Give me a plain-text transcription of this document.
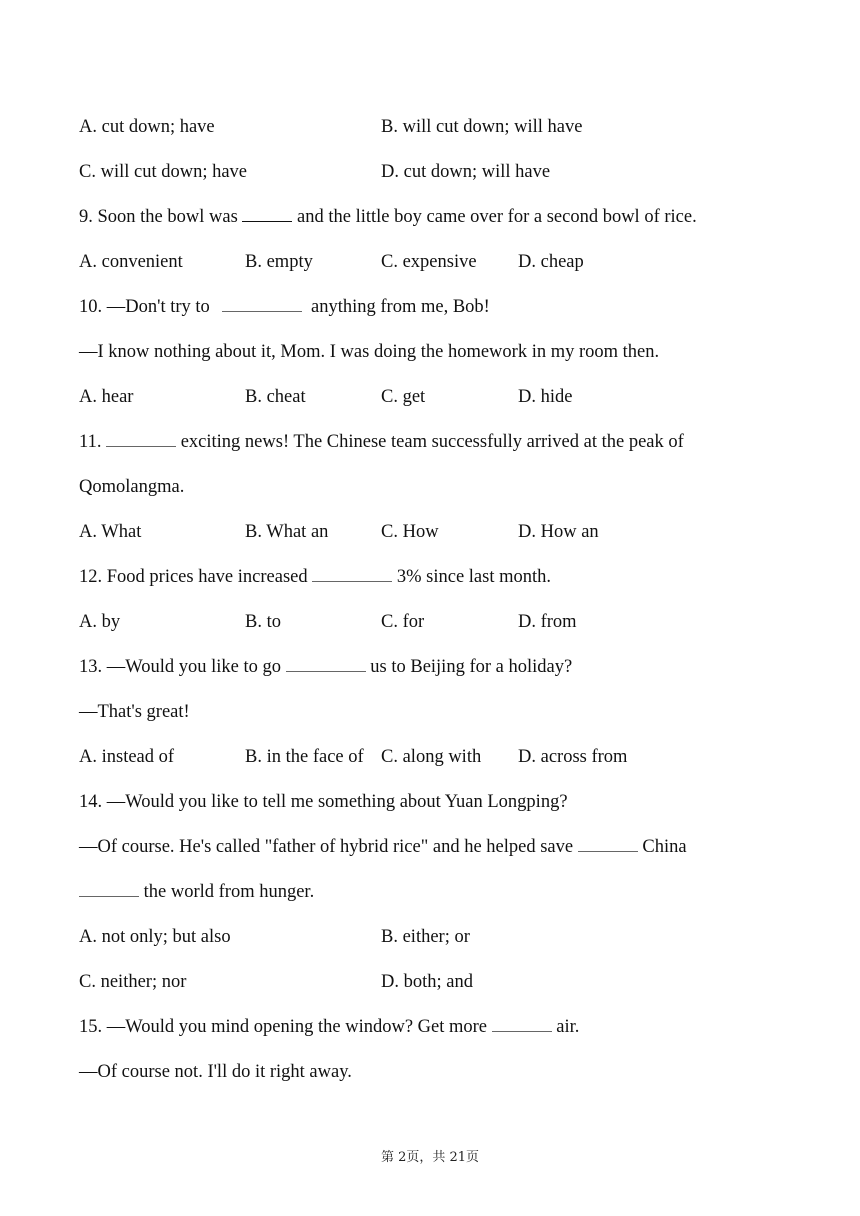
A. cut down; have	B. will cut down; will have
C. will cut down; have	D. cut down; will have
9. Soon the bowl was	and the little boy came over for a second bowl of rice.
A. convenient	B. empty	C. expensive D. cheap
10. —Don't try to	anything from me, Bob!
—I know nothing about it, Mom. I was doing the homework in my room then.
A. hear	B. cheat	C. get	D. hide
11.	exciting news! The Chinese team successfully arrived at the peak of
Qomolangma.
A. What	B. What an	C. How	D. How an
12. Food prices have increased	3% since last month.
A. by	B. to	C. for	D. from
13. —Would you like to go	us to Beijing for a holiday?
—That's great!
A. instead of	B. in the face of C. along with D. across from
14. —Would you like to tell me something about Yuan Longping?
—Of course. He's called "father of hybrid rice" and he helped save	China
the world from hunger.
A. not only; but also	B. either; or
C. neither; nor	D. both; and
15. —Would you mind opening the window? Get more	air.
—Of course not. I'll do it right away.
第 2页，共 21页
